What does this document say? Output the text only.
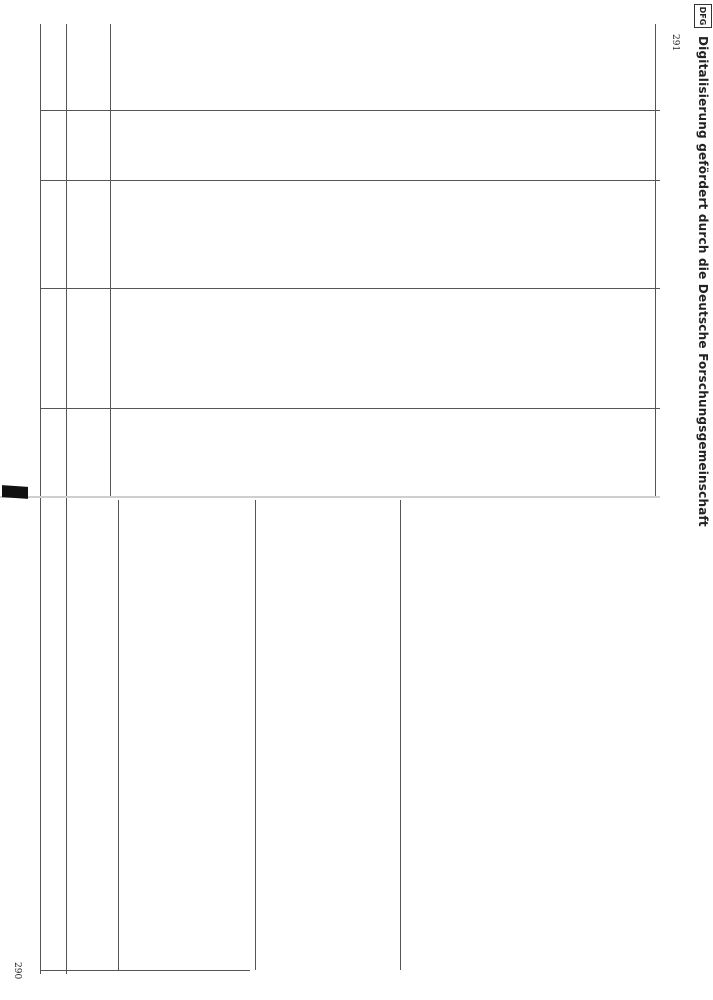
290
291
DFG
Digitalisierung gefördert durch die Deutsche Forschungsgemeinschaft
